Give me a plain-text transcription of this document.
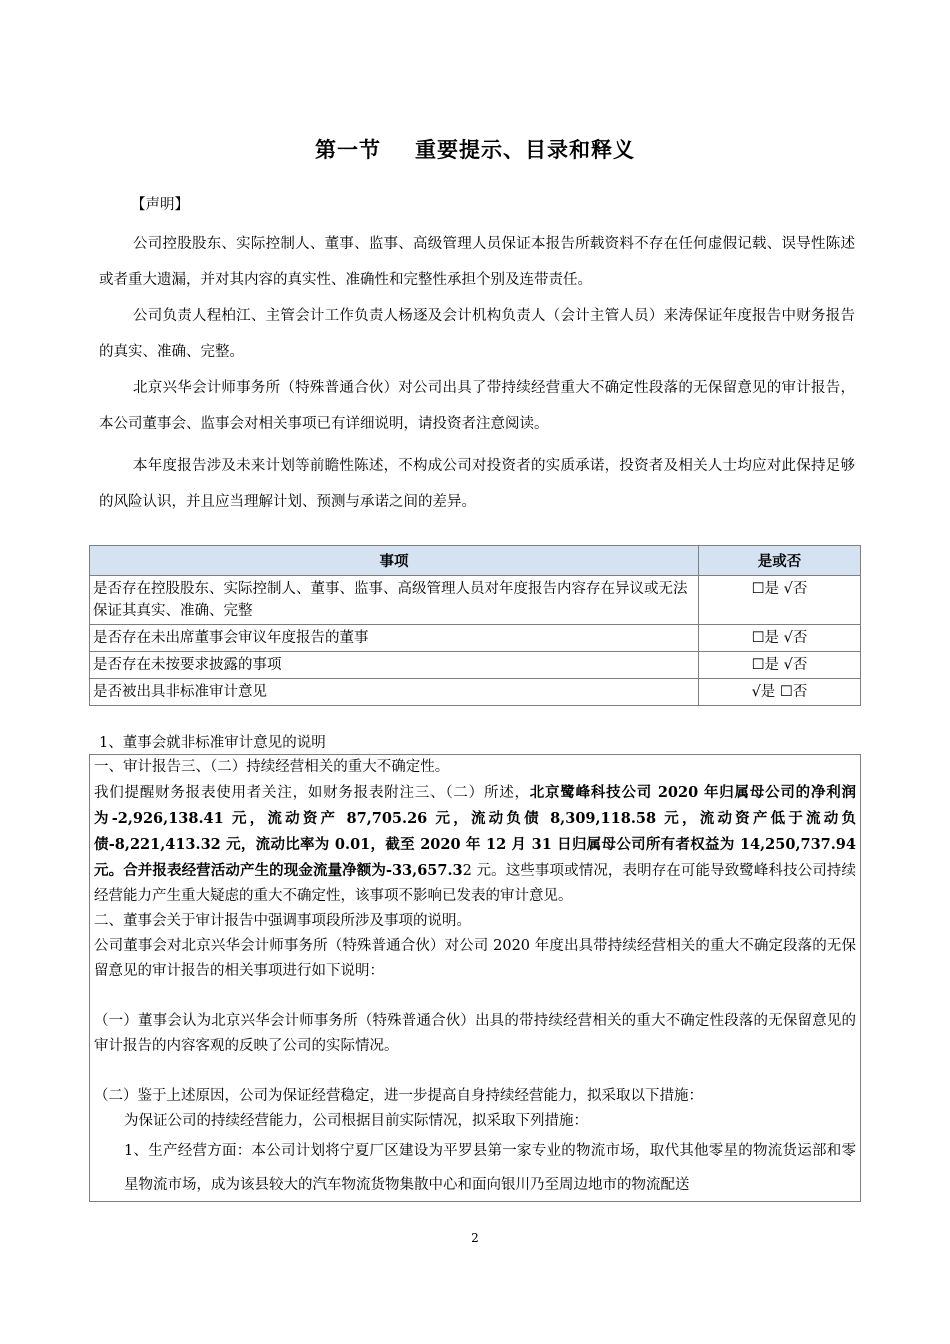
第一节 重要提示、目录和释义
【声明】
公司控股股东、实际控制人、董事、监事、高级管理人员保证本报告所载资料不存在任何虚假记载、误导性陈述或者重大遗漏，并对其内容的真实性、准确性和完整性承担个别及连带责任。
公司负责人程柏江、主管会计工作负责人杨逐及会计机构负责人（会计主管人员）来涛保证年度报告中财务报告的真实、准确、完整。
北京兴华会计师事务所（特殊普通合伙）对公司出具了带持续经营重大不确定性段落的无保留意见的审计报告，本公司董事会、监事会对相关事项已有详细说明，请投资者注意阅读。
本年度报告涉及未来计划等前瞻性陈述，不构成公司对投资者的实质承诺，投资者及相关人士均应对此保持足够的风险认识，并且应当理解计划、预测与承诺之间的差异。
事项	是或否
是否存在控股股东、实际控制人、董事、监事、高级管理人员对年度报告内容存在异议或无法保证其真实、准确、完整	☐是 √否
是否存在未出席董事会审议年度报告的董事	☐是 √否
是否存在未按要求披露的事项	☐是 √否
是否被出具非标准审计意见	√是 ☐否
1、董事会就非标准审计意见的说明
一、审计报告三、（二）持续经营相关的重大不确定性。
我们提醒财务报表使用者关注，如财务报表附注三、（二）所述，北京鹭峰科技公司 2020 年归属母公司的净利润为-2,926,138.41 元，流动资产 87,705.26 元，流动负债 8,309,118.58 元，流动资产低于流动负债-8,221,413.32 元，流动比率为 0.01，截至 2020 年 12 月 31 日归属母公司所有者权益为 14,250,737.94 元。合并报表经营活动产生的现金流量净额为-33,657.32 元。这些事项或情况，表明存在可能导致鹭峰科技公司持续经营能力产生重大疑虑的重大不确定性，该事项不影响已发表的审计意见。
二、董事会关于审计报告中强调事项段所涉及事项的说明。
公司董事会对北京兴华会计师事务所（特殊普通合伙）对公司 2020 年度出具带持续经营相关的重大不确定段落的无保留意见的审计报告的相关事项进行如下说明：
（一）董事会认为北京兴华会计师事务所（特殊普通合伙）出具的带持续经营相关的重大不确定性段落的无保留意见的审计报告的内容客观的反映了公司的实际情况。
（二）鉴于上述原因，公司为保证经营稳定，进一步提高自身持续经营能力，拟采取以下措施：
为保证公司的持续经营能力，公司根据目前实际情况，拟采取下列措施：
1、生产经营方面：本公司计划将宁夏厂区建设为平罗县第一家专业的物流市场，取代其他零星的物流货运部和零星物流市场，成为该县较大的汽车物流货物集散中心和面向银川乃至周边地市的物流配送
2
